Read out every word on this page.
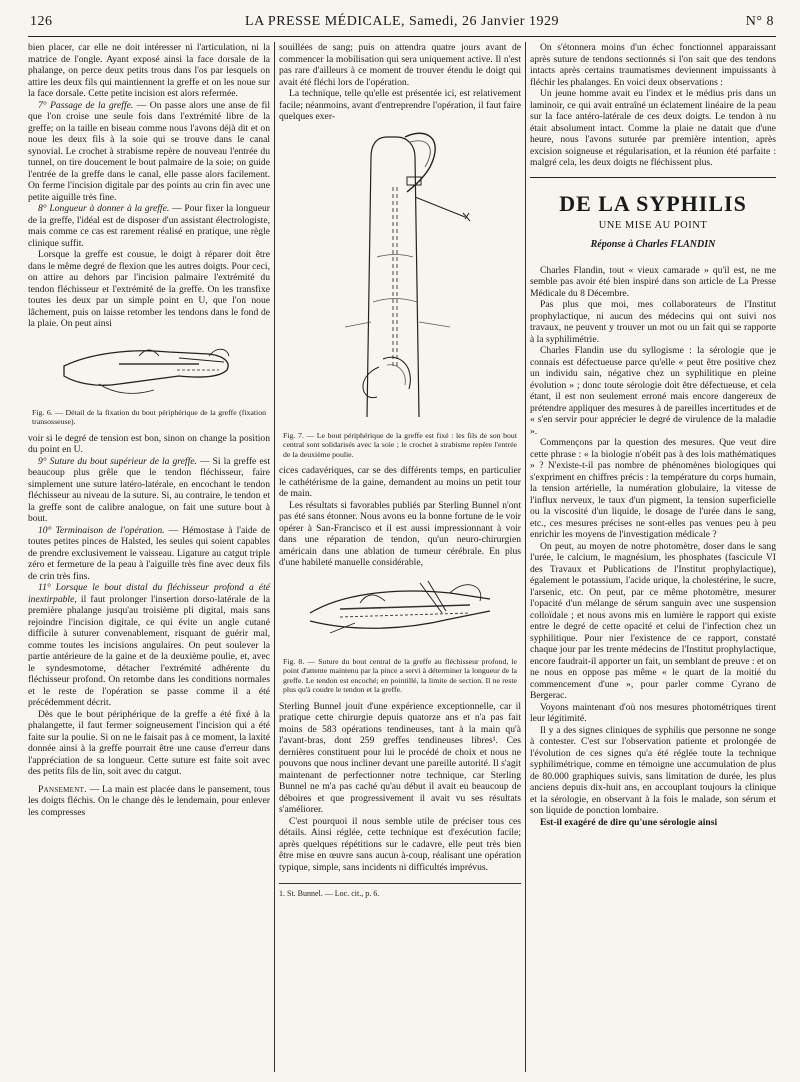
126	LA PRESSE MÉDICALE, Samedi, 26 Janvier 1929	N° 8

bien placer, car elle ne doit intéresser ni l'articulation, ni la matrice de l'ongle. Ayant exposé ainsi la face dorsale de la phalange, on perce deux petits trous dans l'os par lesquels on attire les deux fils qui maintiennent la greffe et on les noue sur la face dorsale. Cette petite incision est alors refermée.

7° Passage de la greffe. — On passe alors une anse de fil que l'on croise une seule fois dans l'extrémité libre de la greffe; on la taille en biseau comme nous l'avons déjà dit et on noue les deux fils à la soie qui se trouve dans le canal synovial. Le crochet à strabisme repère de nouveau l'entrée du tunnel, on tire doucement le bout palmaire de la soie; on guide l'entrée de la greffe dans le canal, elle passe alors facilement. On ferme l'incision digitale par des points au crin fin avec une petite aiguille très fine.

8° Longueur à donner à la greffe. — Pour fixer la longueur de la greffe, l'idéal est de disposer d'un assistant électrologiste, mais comme ce cas est rarement réalisé en pratique, une règle clinique suffit.

Lorsque la greffe est cousue, le doigt à réparer doit être dans le même degré de flexion que les autres doigts. Pour ceci, on attire au dehors par l'incision palmaire l'extrémité du tendon fléchisseur et l'extrémité de la greffe. On les transfixe toutes les deux par un simple point en U, que l'on noue lâchement, puis on laisse retomber les tendons dans le fond de la plaie. On peut ainsi

Fig. 6. — Détail de la fixation du bout périphérique de la greffe (fixation transosseuse).

voir si le degré de tension est bon, sinon on change la position du point en U.

9° Suture du bout supérieur de la greffe. — Si la greffe est beaucoup plus grêle que le tendon fléchisseur, faire simplement une suture latéro-latérale, en encochant le tendon fléchisseur au niveau de la suture. Si, au contraire, le tendon et la greffe sont de calibre analogue, on fait une suture bout à bout.

10° Terminaison de l'opération. — Hémostase à l'aide de toutes petites pinces de Halsted, les seules qui soient capables de prendre exclusivement le vaisseau. Ligature au catgut triple zéro et fermeture de la peau à l'aiguille très fine avec deux fils de crin très fins.

11° Lorsque le bout distal du fléchisseur profond a été inextirpable, il faut prolonger l'insertion dorso-latérale de la première phalange jusqu'au troisième pli digital, mais sans rejoindre l'incision digitale, ce qui évite un angle cutané difficile à suturer convenablement, risquant de guérir mal, comme toutes les incisions angulaires. On peut soulever la partie antérieure de la gaine et de la deuxième poulie, et, avec le syndesmotome, détacher l'extrémité adhérente du fléchisseur profond. On retombe dans les conditions normales et le reste de l'opération se passe comme il a été précédemment décrit.

Dès que le bout périphérique de la greffe a été fixé à la phalangette, il faut fermer soigneusement l'incision qui a été faite sur la poulie. Si on ne le faisait pas à ce moment, la laxité donnée ainsi à la greffe pourrait être une cause d'erreur dans l'appréciation de sa longueur. Cette suture est faite soit avec des petits fils de lin, soit avec du catgut.

Pansement. — La main est placée dans le pansement, tous les doigts fléchis. On le change dès le lendemain, pour enlever les compresses

souillées de sang; puis on attendra quatre jours avant de commencer la mobilisation qui sera uniquement active. Il n'est pas rare d'ailleurs à ce moment de trouver étendu le doigt qui avait été fléchi lors de l'opération.

La technique, telle qu'elle est présentée ici, est relativement facile; néanmoins, avant d'entreprendre l'opération, il faut faire quelques exer-

Fig. 7. — Le bout périphérique de la greffe est fixé : les fils de son bout central sont solidarisés avec la soie ; le crochet à strabisme repère l'entrée de la deuxième poulie.

cices cadavériques, car se des différents temps, en particulier le cathétérisme de la gaine, demandent au moins un petit tour de main.

Les résultats si favorables publiés par Sterling Bunnel n'ont pas été sans étonner. Nous avons eu la bonne fortune de le voir opérer à San-Francisco et il est aussi impressionnant à voir dans une réparation de tendon, qu'un neuro-chirurgien américain dans une ablation de tumeur cérébrale. En plus d'une habileté manuelle considérable,

Fig. 8. — Suture du bout central de la greffe au fléchisseur profond, le point d'attente maintenu par la pince a servi à déterminer la longueur de la greffe. Le tendon est encoché; en pointillé, la limite de section. Il ne reste plus qu'à coudre le tendon et la greffe.

Sterling Bunnel jouit d'une expérience exceptionnelle, car il pratique cette chirurgie depuis quatorze ans et n'a pas fait moins de 583 opérations tendineuses, tant à la main qu'à l'avant-bras, dont 259 greffes tendineuses libres¹. Ces dernières constituent pour lui le procédé de choix et nous ne pouvons que nous incliner devant une pareille autorité. Il s'agit maintenant de perfectionner notre technique, car Sterling Bunnel ne m'a pas caché qu'au début il avait eu beaucoup de déboires et que progressivement il avait vu ses résultats s'améliorer.

C'est pourquoi il nous semble utile de préciser tous ces détails. Ainsi réglée, cette technique est d'exécution facile; après quelques répétitions sur le cadavre, elle peut très bien être mise en œuvre sans aucun à-coup, réalisant une opération typique, simple, sans incidents ni difficultés imprévus.

1. St. Bunnel. — Loc. cit., p. 6.

On s'étonnera moins d'un échec fonctionnel apparaissant après suture de tendons sectionnés si l'on sait que des tendons intacts après certains traumatismes deviennent impuissants à fléchir les phalanges. En voici deux observations :

Un jeune homme avait eu l'index et le médius pris dans un laminoir, ce qui avait entraîné un éclatement linéaire de la peau sur la face antéro-latérale de ces deux doigts. Le tendon à nu était absolument intact. Comme la plaie ne datait que d'une heure, nous l'avons suturée par première intention, après excision soigneuse et régularisation, et la réunion été parfaite : malgré cela, les deux doigts ne fléchissent plus.

DE LA SYPHILIS
UNE MISE AU POINT
Réponse à Charles FLANDIN

Charles Flandin, tout « vieux camarade » qu'il est, ne me semble pas avoir été bien inspiré dans son article de La Presse Médicale du 8 Décembre.

Pas plus que moi, mes collaborateurs de l'Institut prophylactique, ni aucun des médecins qui ont suivi nos travaux, ne peuvent y trouver un mot ou un fait qui se rapporte à la syphilimétrie.

Charles Flandin use du syllogisme : la sérologie que je connais est défectueuse parce qu'elle « peut être positive chez un individu sain, négative chez un syphilitique en pleine évolution » ; donc toute sérologie doit être défectueuse, et cela étant, il est non seulement erroné mais encore dangereux de prétendre appliquer des mesures à de pareilles incertitudes et de « s'en servir pour apprécier le degré de virulence de la maladie ».

Commençons par la question des mesures. Que veut dire cette phrase : « la biologie n'obéit pas à des lois mathématiques » ? N'existe-t-il pas nombre de phénomènes biologiques qui s'expriment en chiffres précis : la température du corps humain, la tension artérielle, la numération globulaire, la vitesse de l'influx nerveux, le taux d'un pigment, la tension superficielle ou la viscosité d'un liquide, le dosage de l'urée dans le sang, etc., ces mesures précises ne sont-elles pas venues peu à peu enrichir les moyens de l'investigation médicale ?

On peut, au moyen de notre photomètre, doser dans le sang l'urée, le calcium, le magnésium, les phosphates (fascicule VI des Travaux et Publications de l'Institut prophylactique), également le potassium, l'acide urique, la cholestérine, le sucre, l'arsenic, etc. On peut, par ce même photomètre, mesurer l'opacité d'un mélange de sérum sanguin avec une suspension colloïdale ; et nous avons mis en lumière le rapport qui existe entre le degré de cette opacité et celui de l'infection chez un syphilitique. Pour nier l'existence de ce rapport, constaté chaque jour par les trente médecins de l'Institut prophylactique, encore faudrait-il apporter un fait, un semblant de preuve : et on ne nous en oppose pas même « le quart de la moitié du commencement d'une », pour parler comme Cyrano de Bergerac.

Voyons maintenant d'où nos mesures photométriques tirent leur légitimité.

Il y a des signes cliniques de syphilis que personne ne songe à contester. C'est sur l'observation patiente et prolongée de l'évolution de ces signes qu'a été réglée toute la technique syphilimétrique, comme en témoigne une accumulation de plus de 80.000 graphiques suivis, sans limitation de durée, les plus anciens depuis dix-huit ans, en accouplant toujours la clinique et la sérologie, en observant à la fois le malade, son sérum et son liquide de ponction lombaire.

Est-il exagéré de dire qu'une sérologie ainsi
